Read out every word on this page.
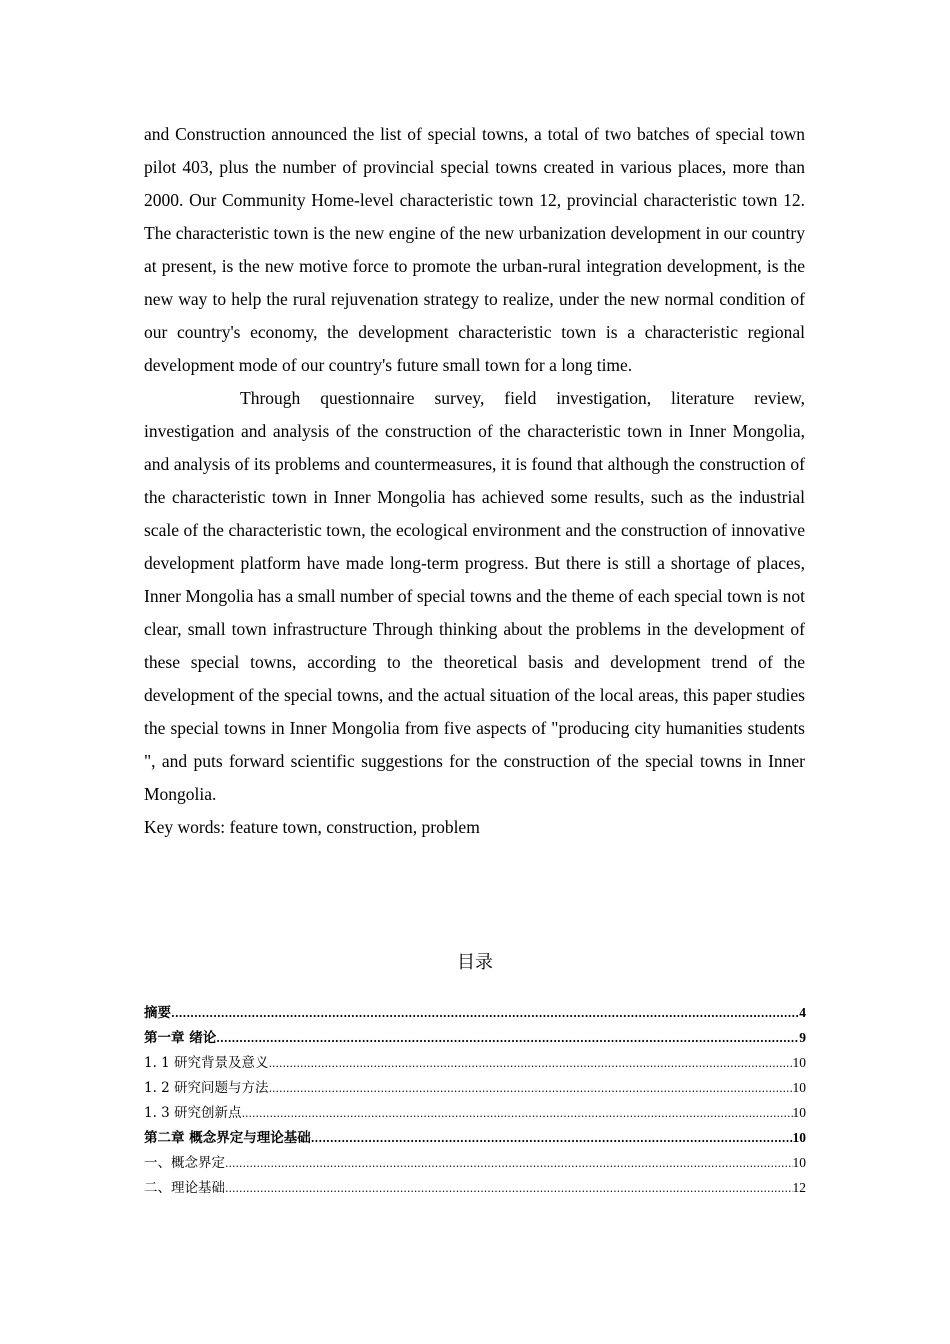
and Construction announced the list of special towns, a total of two batches of special town pilot 403, plus the number of provincial special towns created in various places, more than 2000. Our Community Home-level characteristic town 12, provincial characteristic town 12. The characteristic town is the new engine of the new urbanization development in our country at present, is the new motive force to promote the urban-rural integration development, is the new way to help the rural rejuvenation strategy to realize, under the new normal condition of our country's economy, the development characteristic town is a characteristic regional development mode of our country's future small town for a long time.

Through questionnaire survey, field investigation, literature review, investigation and analysis of the construction of the characteristic town in Inner Mongolia, and analysis of its problems and countermeasures, it is found that although the construction of the characteristic town in Inner Mongolia has achieved some results, such as the industrial scale of the characteristic town, the ecological environment and the construction of innovative development platform have made long-term progress. But there is still a shortage of places, Inner Mongolia has a small number of special towns and the theme of each special town is not clear, small town infrastructure Through thinking about the problems in the development of these special towns, according to the theoretical basis and development trend of the development of the special towns, and the actual situation of the local areas, this paper studies the special towns in Inner Mongolia from five aspects of "producing city humanities students ", and puts forward scientific suggestions for the construction of the special towns in Inner Mongolia.

Key words: feature town, construction, problem

目录
摘要 .....	4
第一章 绪论 .....	9
1. 1 研究背景及意义 .....	10
1. 2 研究问题与方法 .....	10
1. 3 研究创新点 .....	10
第二章 概念界定与理论基础 .....	10
一、概念界定 .....	10
二、理论基础 .....	12
